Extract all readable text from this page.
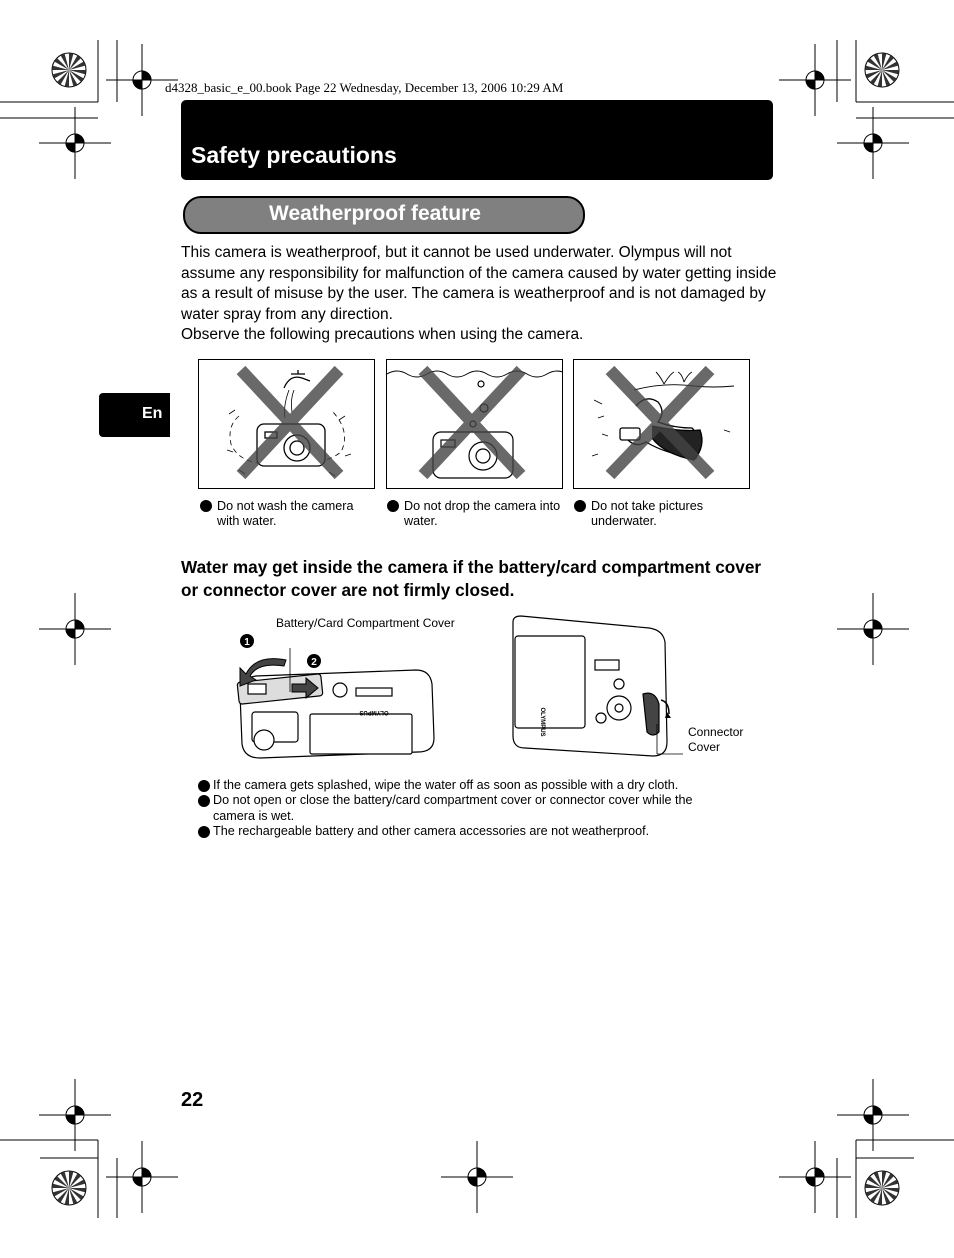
d4328_basic_e_00.book Page 22 Wednesday, December 13, 2006 10:29 AM
Safety precautions
Weatherproof feature
En

This camera is weatherproof, but it cannot be used underwater. Olympus will not assume any responsibility for malfunction of the camera caused by water getting inside as a result of misuse by the user. The camera is weatherproof and is not damaged by water spray from any direction.

Observe the following precautions when using the camera.

Do not wash the camera with water.
Do not drop the camera into water.
Do not take pictures underwater.
Water may get inside the camera if the battery/card compartment cover or connector cover are not firmly closed.
Battery/Card Compartment Cover
1
2
OLYMPUS	OLYMPUS	Connector
Cover
If the camera gets splashed, wipe the water off as soon as possible with a dry cloth.
Do not open or close the battery/card compartment cover or connector cover while the camera is wet.
The rechargeable battery and other camera accessories are not weatherproof.
22
